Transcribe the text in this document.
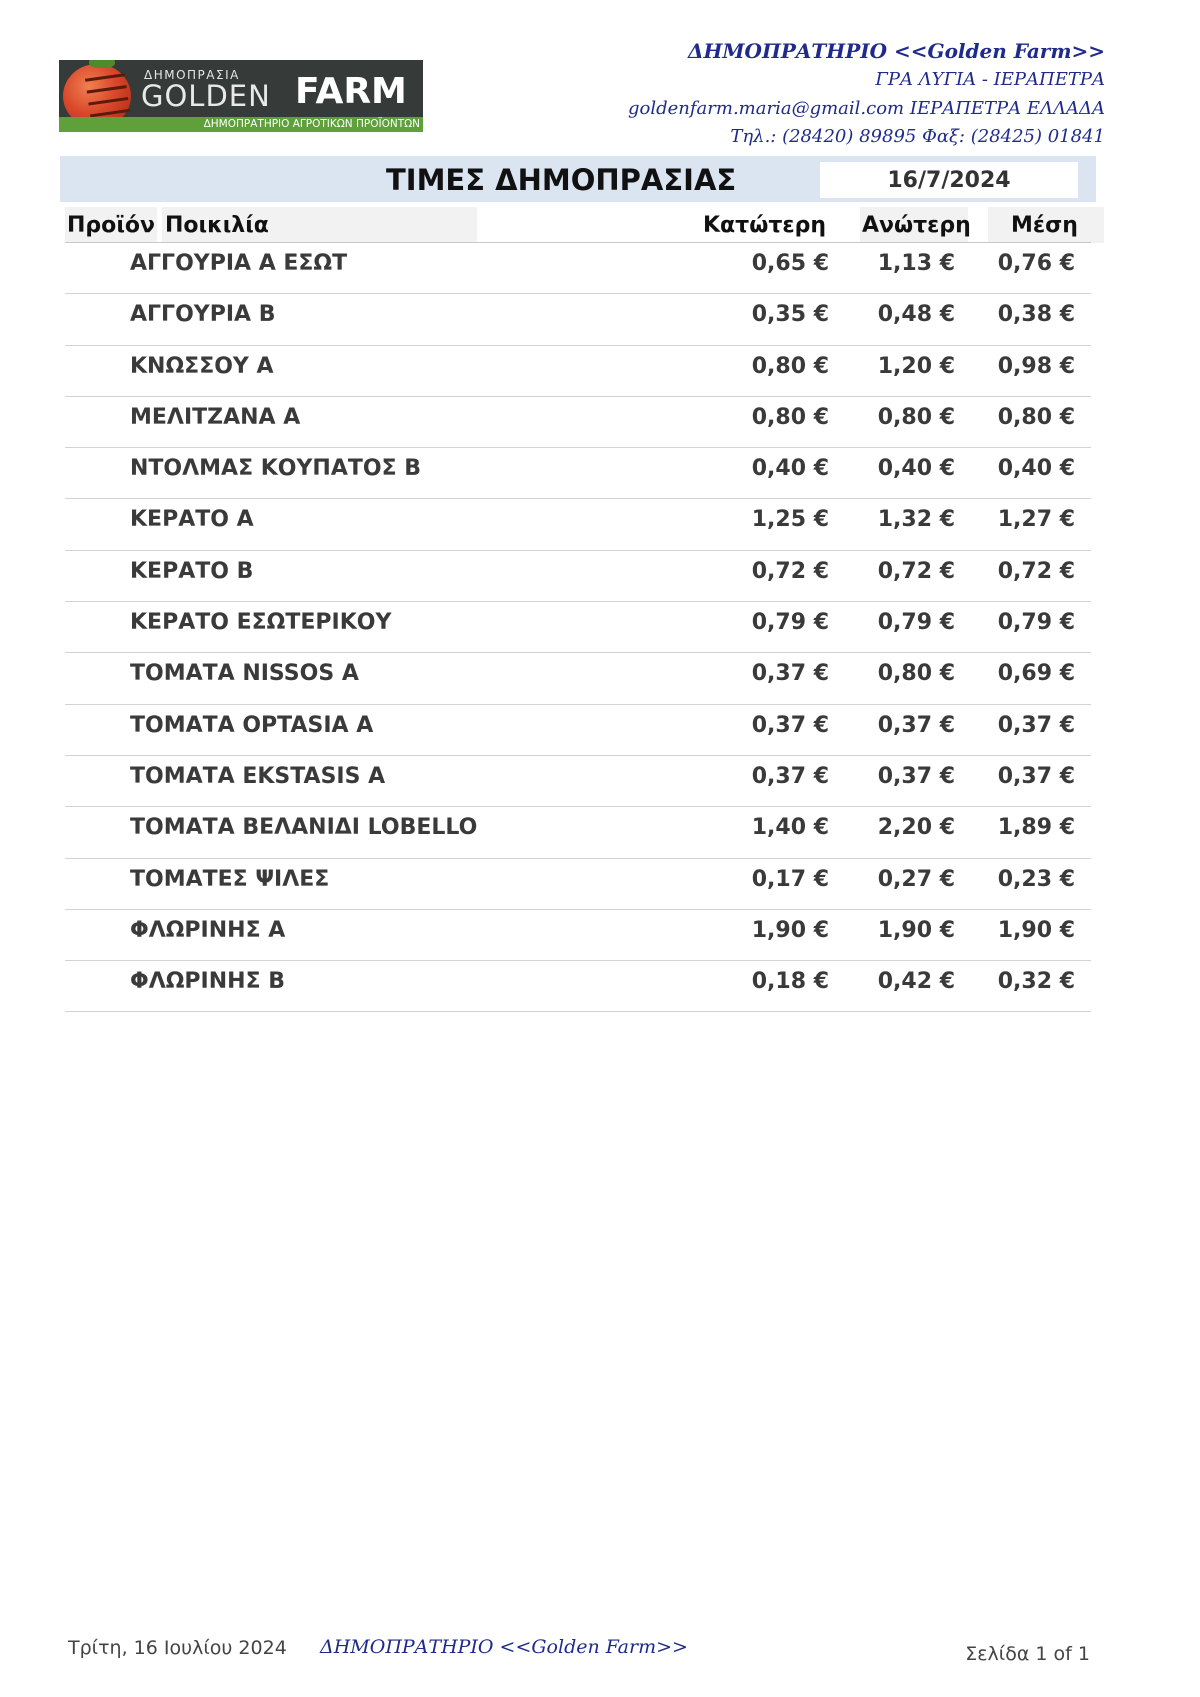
ΔΗΜΟΠΡΑΣΙΑ
GOLDEN FARM
ΔΗΜΟΠΡΑΤΗΡΙΟ ΑΓΡΟΤΙΚΩΝ ΠΡΟΪΟΝΤΩΝ
ΔΗΜΟΠΡΑΤΗΡΙΟ <<Golden Farm>>
ΓΡΑ ΛΥΓΙΑ - ΙΕΡΑΠΕΤΡΑ
goldenfarm.maria@gmail.com ΙΕΡΑΠΕΤΡΑ ΕΛΛΑΔΑ
Τηλ.: (28420) 89895 Φαξ: (28425) 01841
ΤΙΜΕΣ ΔΗΜΟΠΡΑΣΙΑΣ	16/7/2024
Προϊόν Ποικιλία	Κατώτερη Ανώτερη Μέση
ΑΓΓΟΥΡΙΑ Α ΕΣΩΤ	0,65 € 1,13 € 0,76 €
ΑΓΓΟΥΡΙΑ Β	0,35 € 0,48 € 0,38 €
ΚΝΩΣΣΟΥ Α	0,80 € 1,20 € 0,98 €
ΜΕΛΙΤΖΑΝΑ Α	0,80 € 0,80 € 0,80 €
ΝΤΟΛΜΑΣ ΚΟΥΠΑΤΟΣ Β	0,40 € 0,40 € 0,40 €
ΚΕΡΑΤΟ Α	1,25 € 1,32 € 1,27 €
ΚΕΡΑΤΟ Β	0,72 € 0,72 € 0,72 €
ΚΕΡΑΤΟ ΕΣΩΤΕΡΙΚΟΥ	0,79 € 0,79 € 0,79 €
ΤΟΜΑΤΑ NISSOS A	0,37 € 0,80 € 0,69 €
ΤΟΜΑΤΑ OPTASIA A	0,37 € 0,37 € 0,37 €
ΤΟΜΑΤΑ EKSTASIS A	0,37 € 0,37 € 0,37 €
ΤΟΜΑΤΑ ΒΕΛΑΝΙΔΙ LOBELLO	1,40 € 2,20 € 1,89 €
ΤΟΜΑΤΕΣ ΨΙΛΕΣ	0,17 € 0,27 € 0,23 €
ΦΛΩΡΙΝΗΣ Α	1,90 € 1,90 € 1,90 €
ΦΛΩΡΙΝΗΣ Β	0,18 € 0,42 € 0,32 €
Τρίτη, 16 Ιουλίου 2024 ΔΗΜΟΠΡΑΤΗΡΙΟ <<Golden Farm>>	Σελίδα 1 of 1
